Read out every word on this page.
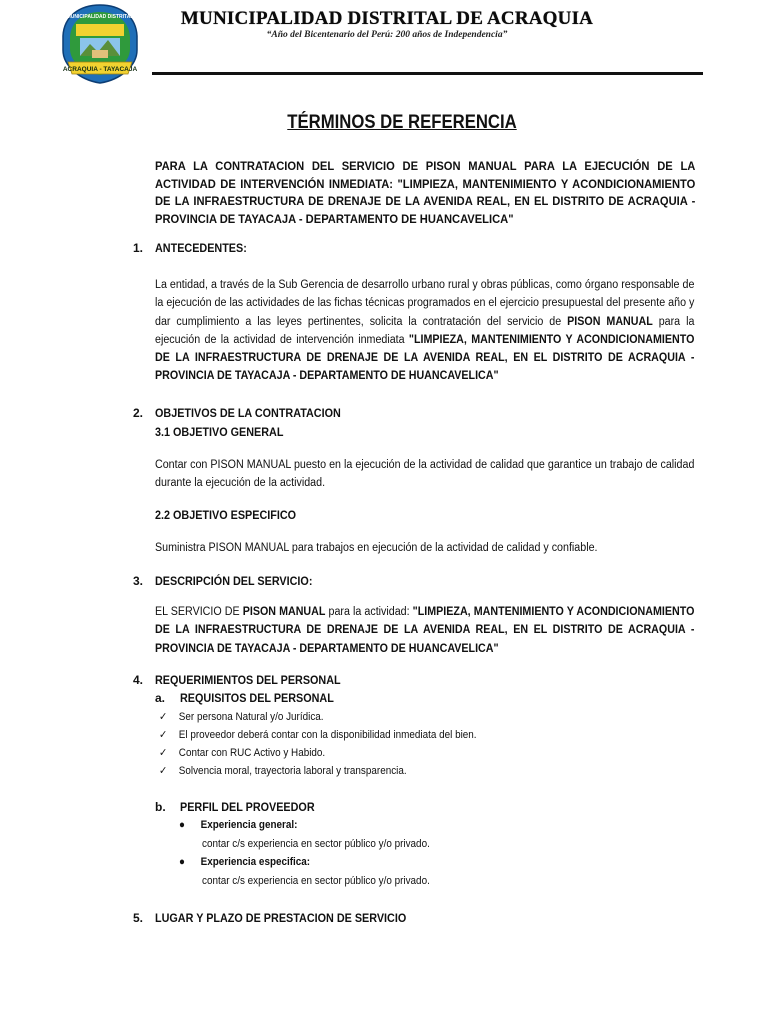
ACRAQUIA - TAYACAJA
MUNICIPALIDAD DISTRITAL	MUNICIPALIDAD DISTRITAL DE ACRAQUIA
“Año del Bicentenario del Perú: 200 años de Independencia”
TÉRMINOS DE REFERENCIA
PARA LA CONTRATACION DEL SERVICIO DE PISON MANUAL PARA LA EJECUCIÓN DE LA ACTIVIDAD DE INTERVENCIÓN INMEDIATA: "LIMPIEZA, MANTENIMIENTO Y ACONDICIONAMIENTO DE LA INFRAESTRUCTURA DE DRENAJE DE LA AVENIDA REAL, EN EL DISTRITO DE ACRAQUIA - PROVINCIA DE TAYACAJA - DEPARTAMENTO DE HUANCAVELICA"
1. ANTECEDENTES:
La entidad, a través de la Sub Gerencia de desarrollo urbano rural y obras públicas, como órgano responsable de la ejecución de las actividades de las fichas técnicas programados en el ejercicio presupuestal del presente año y dar cumplimiento a las leyes pertinentes, solicita la contratación del servicio de PISON MANUAL para la ejecución de la actividad de intervención inmediata "LIMPIEZA, MANTENIMIENTO Y ACONDICIONAMIENTO DE LA INFRAESTRUCTURA DE DRENAJE DE LA AVENIDA REAL, EN EL DISTRITO DE ACRAQUIA - PROVINCIA DE TAYACAJA - DEPARTAMENTO DE HUANCAVELICA"
2. OBJETIVOS DE LA CONTRATACION
3.1 OBJETIVO GENERAL
Contar con PISON MANUAL puesto en la ejecución de la actividad de calidad que garantice un trabajo de calidad durante la ejecución de la actividad.
2.2 OBJETIVO ESPECIFICO
Suministra PISON MANUAL para trabajos en ejecución de la actividad de calidad y confiable.
3. DESCRIPCIÓN DEL SERVICIO:
EL SERVICIO DE PISON MANUAL para la actividad: "LIMPIEZA, MANTENIMIENTO Y ACONDICIONAMIENTO DE LA INFRAESTRUCTURA DE DRENAJE DE LA AVENIDA REAL, EN EL DISTRITO DE ACRAQUIA - PROVINCIA DE TAYACAJA - DEPARTAMENTO DE HUANCAVELICA"
4. REQUERIMIENTOS DEL PERSONAL
a. REQUISITOS DEL PERSONAL
✓ Ser persona Natural y/o Jurídica.
✓ El proveedor deberá contar con la disponibilidad inmediata del bien.
✓ Contar con RUC Activo y Habido.
✓ Solvencia moral, trayectoria laboral y transparencia.
b. PERFIL DEL PROVEEDOR
● Experiencia general:
contar c/s experiencia en sector público y/o privado.
● Experiencia especifica:
contar c/s experiencia en sector público y/o privado.
5. LUGAR Y PLAZO DE PRESTACION DE SERVICIO
